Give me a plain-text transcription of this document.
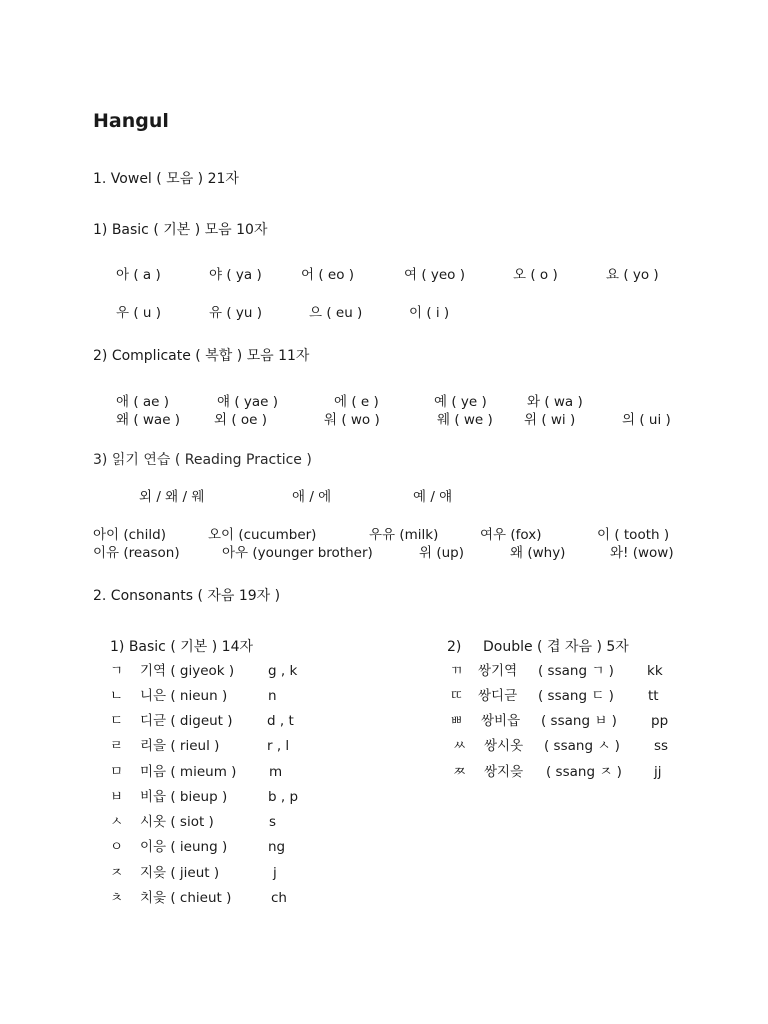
Hangul
1. Vowel ( 모음 ) 21자
1) Basic ( 기본 ) 모음 10자
아 ( a )	야 ( ya )	어 ( eo )	여 ( yeo )	오 ( o )	요 ( yo )
우 ( u )	유 ( yu )	으 ( eu )	이 ( i )
2) Complicate ( 복합 ) 모음 11자
애 ( ae )	얘 ( yae )	에 ( e )	예 ( ye )	와 ( wa )
왜 ( wae )	외 ( oe )	워 ( wo )	웨 ( we ) 위 ( wi )	의 ( ui )
3) 읽기 연습 ( Reading Practice )
외 / 왜 / 웨	애 / 에	예 / 얘
아이 (child)	오이 (cucumber)	우유 (milk)	여우 (fox)	이 ( tooth )
이유 (reason)	아우 (younger brother)	위 (up)	왜 (why)	와! (wow)
2. Consonants ( 자음 19자 )
1) Basic ( 기본 ) 14자	2) Double ( 겹 자음 ) 5자
ㄱ 기역 ( giyeok )	g , k
ㄴ 니은 ( nieun )	n
ㄷ 디귿 ( digeut )	d , t
ㄹ 리을 ( rieul )	r , l
ㅁ 미음 ( mieum ) m
ㅂ 비읍 ( bieup )	b , p
ㅅ 시옷 ( siot )	s
ㅇ 이응 ( ieung )	ng
ㅈ 지읒 ( jieut )	j
ㅊ 치읓 ( chieut )	ch
ㄲ 쌍기역 ( ssang ㄱ ) kk
ㄸ 쌍디귿 ( ssang ㄷ )	tt
ㅃ 쌍비읍 ( ssang ㅂ )	pp
ㅆ 쌍시옷 ( ssang ㅅ )	ss
ㅉ 쌍지읒 ( ssang ㅈ ) jj
